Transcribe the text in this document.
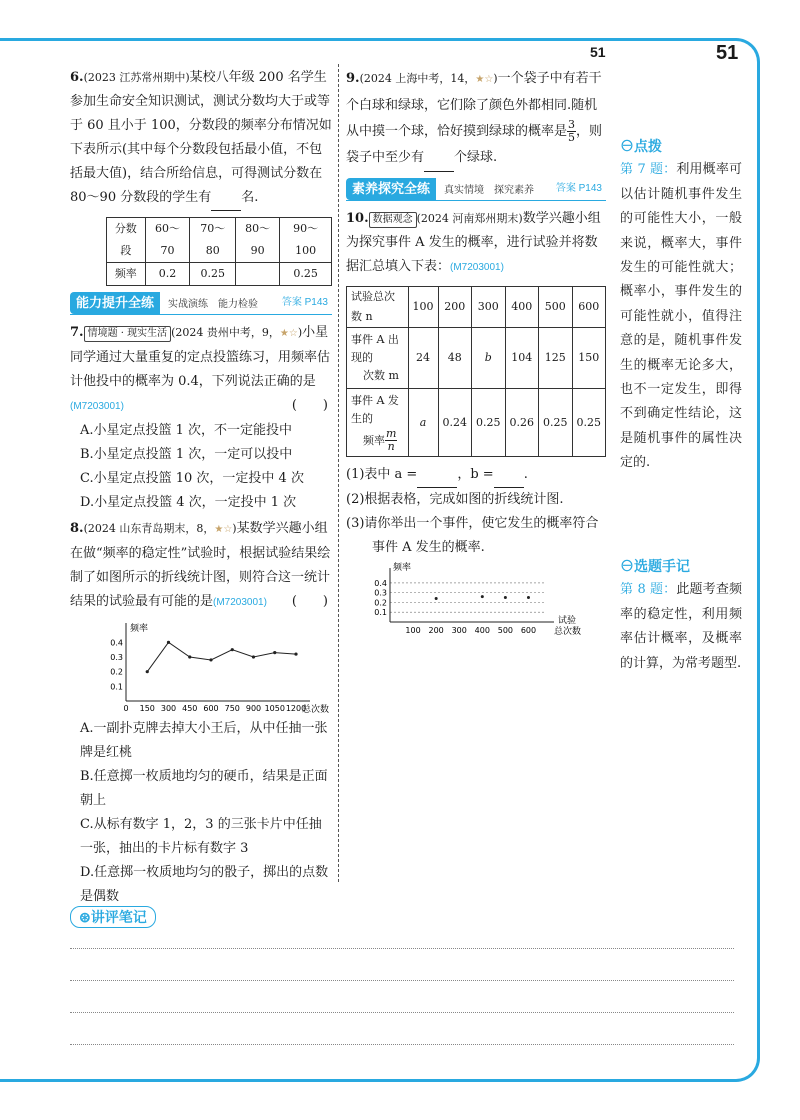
51	51
6.(2023 江苏常州期中)某校八年级 200 名学生参加生命安全知识测试，测试分数均大于或等于 60 且小于 100，分数段的频率分布情况如下表所示(其中每个分数段包括最小值，不包括最大值)，结合所给信息，可得测试分数在 80～90 分数段的学生有 名.
分数段	60～70	70～80	80～90	90～100
频率	0.2	0.25		0.25
能力提升全练 实战演练　能力检验 答案 P143
7. 情境题 · 现实生活 (2024 贵州中考，9，★☆)小星同学通过大量重复的定点投篮练习，用频率估计他投中的概率为 0.4，下列说法正确的是
(M7203001)	(　　)
A.小星定点投篮 1 次，不一定能投中
B.小星定点投篮 1 次，一定可以投中
C.小星定点投篮 10 次，一定投中 4 次
D.小星定点投篮 4 次，一定投中 1 次
8.(2024 山东青岛期末，8，★☆)某数学兴趣小组在做“频率的稳定性”试验时，根据试验结果绘制了如图所示的折线统计图，则符合这一统计结果的试验最有可能的是(M7203001) (　　)
频率
总次数
0.1
0.2
0.3
0.4
0 150 300 450 600 750 900 1050 1200
A.一副扑克牌去掉大小王后，从中任抽一张牌是红桃
B.任意掷一枚质地均匀的硬币，结果是正面朝上
C.从标有数字 1，2，3 的三张卡片中任抽一张，抽出的卡片标有数字 3
D.任意掷一枚质地均匀的骰子，掷出的点数是偶数
9.(2024 上海中考，14，★☆)一个袋子中有若干个白球和绿球，它们除了颜色外都相同.随机从中摸一个球，恰好摸到绿球的概率是 $\frac{3}{5}$ ，则袋子中至少有 个绿球.
素养探究全练 真实情境　探究素养 答案 P143
10. 数据观念 (2024 河南郑州期末)数学兴趣小组为探究事件 A 发生的概率，进行试验并将数据汇总填入下表：(M7203001)
试验总次数 n	100	200	300	400	500	600
事件 A 出现的
次数 m	24	48	b	104	125	150
事件 A 发生的
频率 $\frac{m}{n}$	a	0.24	0.25	0.26	0.25	0.25
(1)表中 a =	，b = .
(2)根据表格，完成如图的折线统计图.
(3)请你举出一个事件，使它发生的概率符合
事件 A 发生的概率.
0.1
0.2
0.3
0.4
频率
试验
总次数
100 200 300 400 500 600
⊖点拨
第 7 题：利用概率可以估计随机事件发生的可能性大小，一般来说，概率大，事件发生的可能性就大；概率小，事件发生的可能性就小，值得注意的是，随机事件发生的概率无论多大，也不一定发生，即得不到确定性结论，这是随机事件的属性决定的.
⊖选题手记
第 8 题：此题考查频率的稳定性，利用频率估计概率，及概率的计算，为常考题型.
⊛讲评笔记
